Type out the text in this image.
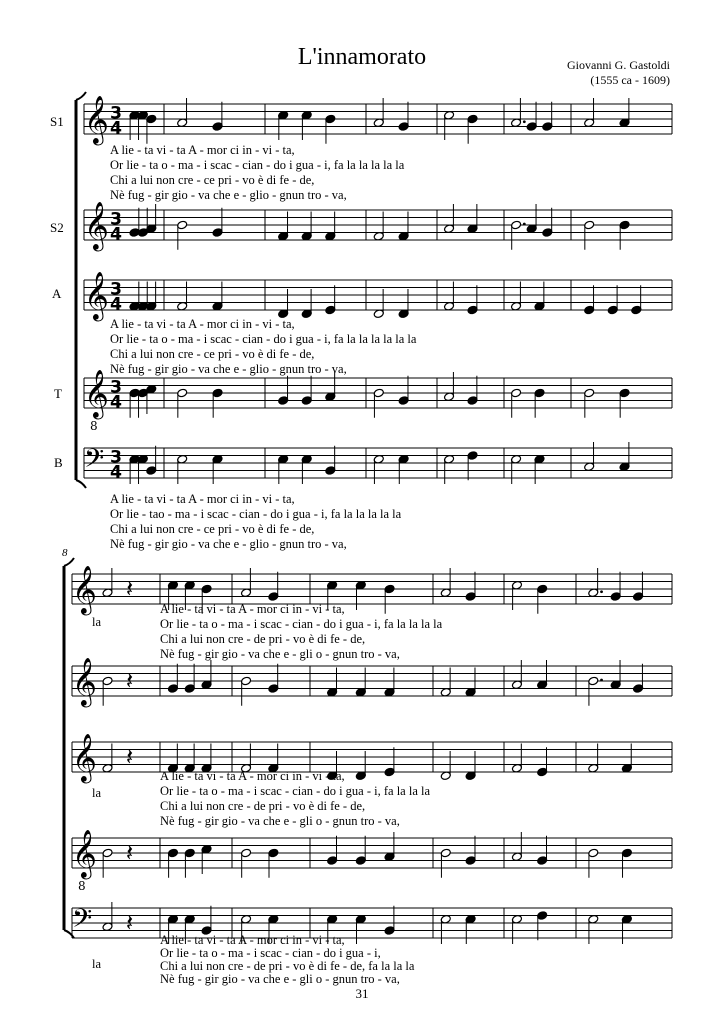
L'innamorato	Giovanni G. Gastoldi
(1555 ca - 1609)
S1
S2
A
T
B
𝄞 3
4
𝄞 3
4
𝄞 3
4
𝄞
8
3
4
𝄢 3
4
A lie - ta vi - ta A - mor ci in - vi - ta,
Or lie - ta o - ma - i scac - cian - do i gua - i, fa la la la la la
Chi a lui non cre - ce pri - vo è di fe - de,
Nè fug - gir gio - va che e - glio - gnun tro - va,
A lie - ta vi - ta A - mor ci in - vi - ta,
Or lie - ta o - ma - i scac - cian - do i gua - i, fa la la la la la la
Chi a lui non cre - ce pri - vo è di fe - de,
Nè fug - gir gio - va che e - glio - gnun tro - va,
A lie - ta vi - ta A - mor ci in - vi - ta,
Or lie - tao - ma - i scac - cian - do i gua - i, fa la la la la la
Chi a lui non cre - ce pri - vo è di fe - de,
Nè fug - gir gio - va che e - glio - gnun tro - va,
8
𝄞 𝄽
𝄞 𝄽
𝄞 𝄽
𝄞
8
𝄽
𝄢 𝄽
la
A lie - ta vi - ta A - mor ci in - vi - ta,
Or lie - ta o - ma - i scac - cian - do i gua - i, fa la la la la
Chi a lui non cre - de pri - vo è di fe - de,
Nè fug - gir gio - va che e - gli o - gnun tro - va,
la
A lie - ta vi - ta A - mor ci in - vi - ta,
Or lie - ta o - ma - i scac - cian - do i gua - i, fa la la la
Chi a lui non cre - de pri - vo è di fe - de,
Nè fug - gir gio - va che e - gli o - gnun tro - va,
la
A lie - ta vi - ta A - mor ci in - vi - ta,
Or lie - ta o - ma - i scac - cian - do i gua - i,
Chi a lui non cre - de pri - vo è di fe - de, fa la la la
Nè fug - gir gio - va che e - gli o - gnun tro - va,
31
